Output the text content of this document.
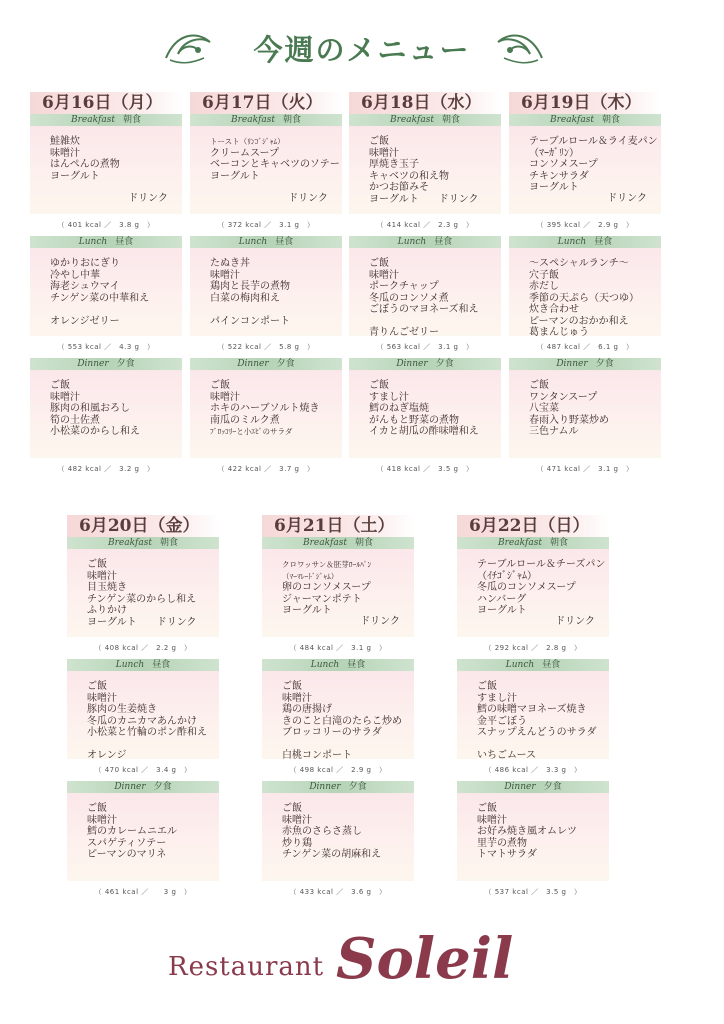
今週のメニュー
6月16日（月）
Breakfast 朝食
鮭雑炊
味噌汁
はんぺんの煮物
ヨーグルト
ドリンク
（ 401 kcal ／　3.8 g　）
Lunch 昼食
ゆかりおにぎり
冷やし中華
海老シュウマイ
チンゲン菜の中華和え

オレンジゼリー
（ 553 kcal ／　4.3 g　）
Dinner 夕食
ご飯
味噌汁
豚肉の和風おろし
筍の土佐煮
小松菜のからし和え
（ 482 kcal ／　3.2 g　）
6月17日（火）
Breakfast 朝食
トースト（ﾘﾝｺﾞｼﾞｬﾑ）
クリームスープ
ベーコンとキャベツのソテー
ヨーグルト
ドリンク
（ 372 kcal ／　3.1 g　）
Lunch 昼食
たぬき丼
味噌汁
鶏肉と長芋の煮物
白菜の梅肉和え

パインコンポート
（ 522 kcal ／　5.8 g　）
Dinner 夕食
ご飯
味噌汁
ホキのハーブソルト焼き
南瓜のミルク煮
ﾌﾞﾛｯｺﾘｰと小ｴﾋﾞのサラダ
（ 422 kcal ／　3.7 g　）
6月18日（水）
Breakfast 朝食
ご飯
味噌汁
厚焼き玉子
キャベツの和え物
かつお節みそ
ヨーグルト　　ドリンク
（ 414 kcal ／　2.3 g　）
Lunch 昼食
ご飯
味噌汁
ポークチャップ
冬瓜のコンソメ煮
ごぼうのマヨネーズ和え

青りんごゼリー
（ 563 kcal ／　3.1 g　）
Dinner 夕食
ご飯
すまし汁
鱈のねぎ塩焼
がんもと野菜の煮物
イカと胡瓜の酢味噌和え
（ 418 kcal ／　3.5 g　）
6月19日（木）
Breakfast 朝食
テーブルロール＆ライ麦パン
（ﾏｰｶﾞﾘﾝ）
コンソメスープ
チキンサラダ
ヨーグルト
ドリンク
（ 395 kcal ／　2.9 g　）
Lunch 昼食
～スペシャルランチ～
穴子飯
赤だし
季節の天ぷら（天つゆ）
炊き合わせ
ピーマンのおかか和え
葛まんじゅう
（ 487 kcal ／　6.1 g　）
Dinner 夕食
ご飯
ワンタンスープ
八宝菜
春雨入り野菜炒め
三色ナムル
（ 471 kcal ／　3.1 g　）
6月20日（金）
Breakfast 朝食
ご飯
味噌汁
目玉焼き
チンゲン菜のからし和え
ふりかけ
ヨーグルト　　ドリンク
（ 408 kcal ／　2.2 g　）
Lunch 昼食
ご飯
味噌汁
豚肉の生姜焼き
冬瓜のカニカマあんかけ
小松菜と竹輪のポン酢和え

オレンジ
（ 470 kcal ／　3.4 g　）
Dinner 夕食
ご飯
味噌汁
鱈のカレームニエル
スパゲティソテー
ピーマンのマリネ
（ 461 kcal ／　　3 g　）
6月21日（土）
Breakfast 朝食
クロワッサン＆胚芽ﾛｰﾙﾊﾟﾝ
（ﾏｰﾏﾚｰﾄﾞｼﾞｬﾑ）
卵のコンソメスープ
ジャーマンポテト
ヨーグルト
ドリンク
（ 484 kcal ／　3.1 g　）
Lunch 昼食
ご飯
味噌汁
鶏の唐揚げ
きのこと白滝のたらこ炒め
ブロッコリーのサラダ

白桃コンポート
（ 498 kcal ／　2.9 g　）
Dinner 夕食
ご飯
味噌汁
赤魚のさらさ蒸し
炒り鶏
チンゲン菜の胡麻和え
（ 433 kcal ／　3.6 g　）
6月22日（日）
Breakfast 朝食
テーブルロール＆チーズパン
（ｲﾁｺﾞｼﾞｬﾑ）
冬瓜のコンソメスープ
ハンバーグ
ヨーグルト
ドリンク
（ 292 kcal ／　2.8 g　）
Lunch 昼食
ご飯
すまし汁
鱈の味噌マヨネーズ焼き
金平ごぼう
スナップえんどうのサラダ

いちごムース
（ 486 kcal ／　3.3 g　）
Dinner 夕食
ご飯
味噌汁
お好み焼き風オムレツ
里芋の煮物
トマトサラダ
（ 537 kcal ／　3.5 g　）
Restaurant Soleil
